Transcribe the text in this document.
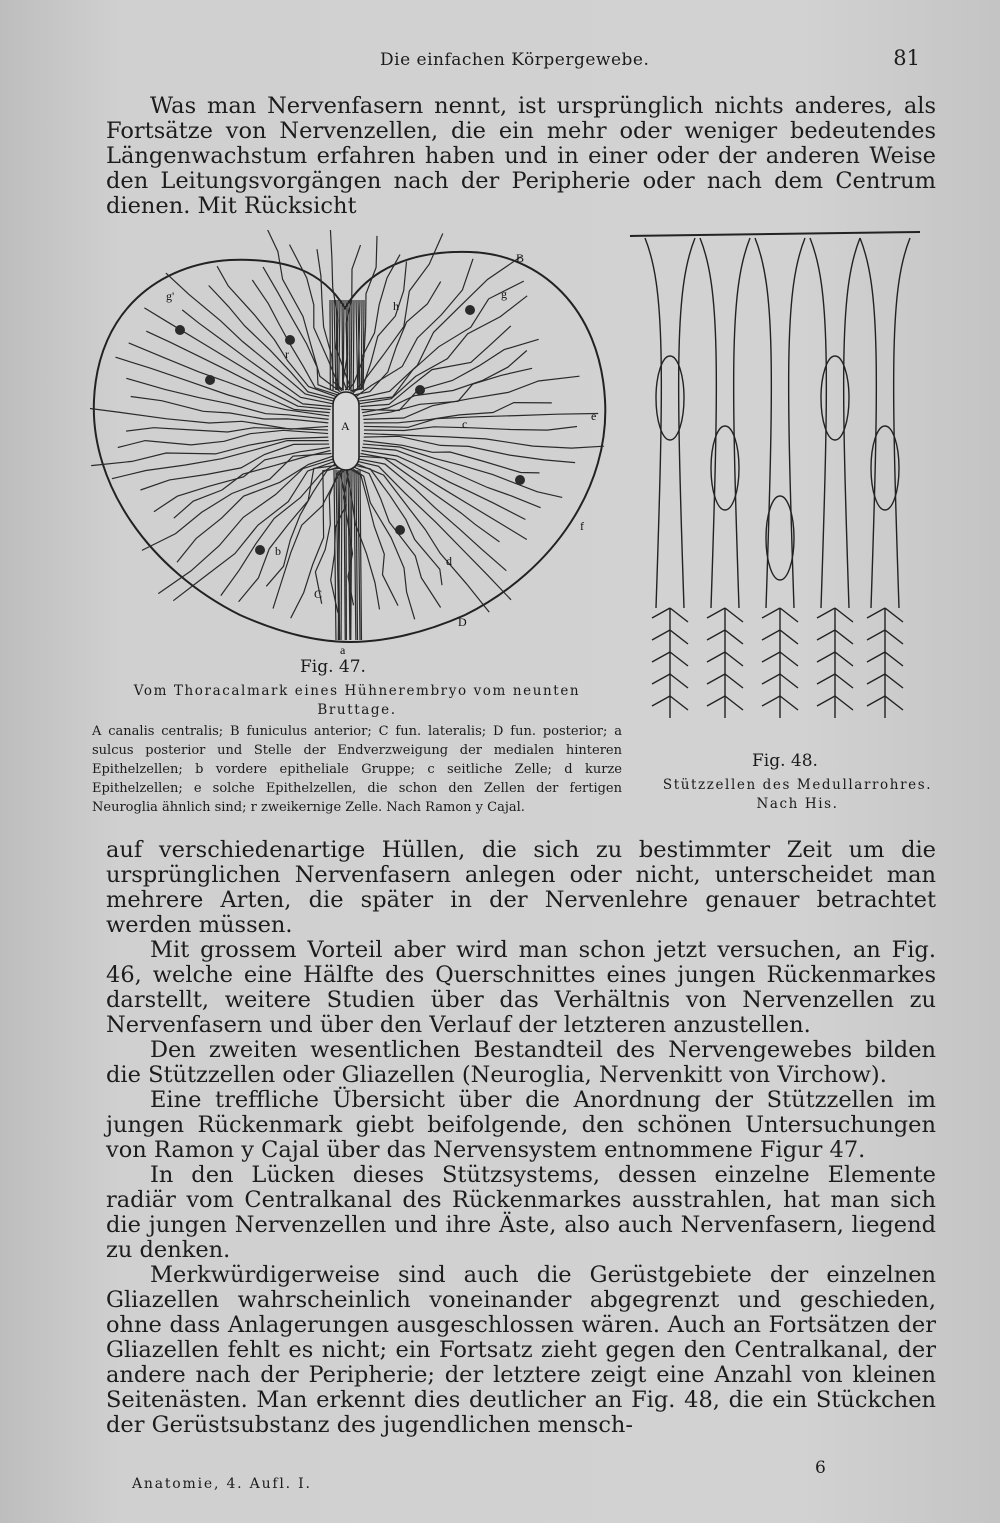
Die einfachen Körpergewebe.	81
Was man Nervenfasern nennt, ist ursprünglich nichts anderes, als Fortsätze von Nervenzellen, die ein mehr oder weniger bedeutendes Längenwachstum erfahren haben und in einer oder der anderen Weise den Leitungsvorgängen nach der Peripherie oder nach dem Centrum dienen. Mit Rücksicht
A
B
C
D
a
b
c
d
e
f
g
g'
h
r
Fig. 47.
Vom Thoracalmark eines Hühnerembryo vom neunten Bruttage.
A canalis centralis; B funiculus anterior; C fun. lateralis; D fun. posterior; a sulcus posterior und Stelle der Endverzweigung der medialen hinteren Epithelzellen; b vordere epitheliale Gruppe; c seitliche Zelle; d kurze Epithelzellen; e solche Epithelzellen, die schon den Zellen der fertigen Neuroglia ähnlich sind; r zweikernige Zelle. Nach Ramon y Cajal.
Fig. 48.
Stützzellen des Medullarrohres. Nach His.

auf verschiedenartige Hüllen, die sich zu bestimmter Zeit um die ursprünglichen Nervenfasern anlegen oder nicht, unterscheidet man mehrere Arten, die später in der Nervenlehre genauer betrachtet werden müssen.

Mit grossem Vorteil aber wird man schon jetzt versuchen, an Fig. 46, welche eine Hälfte des Querschnittes eines jungen Rückenmarkes darstellt, weitere Studien über das Verhältnis von Nervenzellen zu Nervenfasern und über den Verlauf der letzteren anzustellen.

Den zweiten wesentlichen Bestandteil des Nervengewebes bilden die Stützzellen oder Gliazellen (Neuroglia, Nervenkitt von Virchow).

Eine treffliche Übersicht über die Anordnung der Stützzellen im jungen Rückenmark giebt beifolgende, den schönen Untersuchungen von Ramon y Cajal über das Nervensystem entnommene Figur 47.

In den Lücken dieses Stützsystems, dessen einzelne Elemente radiär vom Centralkanal des Rückenmarkes ausstrahlen, hat man sich die jungen Nervenzellen und ihre Äste, also auch Nervenfasern, liegend zu denken.

Merkwürdigerweise sind auch die Gerüstgebiete der einzelnen Gliazellen wahrscheinlich voneinander abgegrenzt und geschieden, ohne dass Anlagerungen ausgeschlossen wären. Auch an Fortsätzen der Gliazellen fehlt es nicht; ein Fortsatz zieht gegen den Centralkanal, der andere nach der Peripherie; der letztere zeigt eine Anzahl von kleinen Seitenästen. Man erkennt dies deutlicher an Fig. 48, die ein Stückchen der Gerüstsubstanz des jugendlichen mensch-

Anatomie, 4. Aufl. I.
6
